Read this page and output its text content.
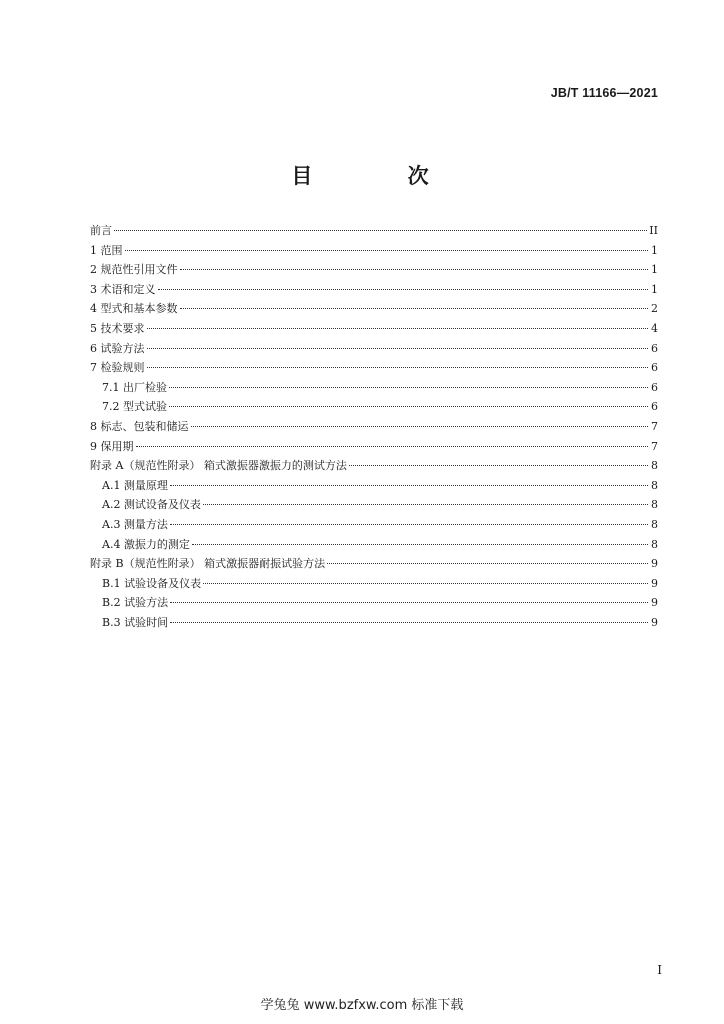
JB/T 11166—2021
目 次
前言	II
1 范围	1
2 规范性引用文件	1
3 术语和定义	1
4 型式和基本参数	2
5 技术要求	4
6 试验方法	6
7 检验规则	6
7.1 出厂检验	6
7.2 型式试验	6
8 标志、包装和储运	7
9 保用期	7
附录 A（规范性附录） 箱式激振器激振力的测试方法	8
A.1 测量原理	8
A.2 测试设备及仪表	8
A.3 测量方法	8
A.4 激振力的测定	8
附录 B（规范性附录） 箱式激振器耐振试验方法	9
B.1 试验设备及仪表	9
B.2 试验方法	9
B.3 试验时间	9
I
学兔兔 www.bzfxw.com 标准下载
